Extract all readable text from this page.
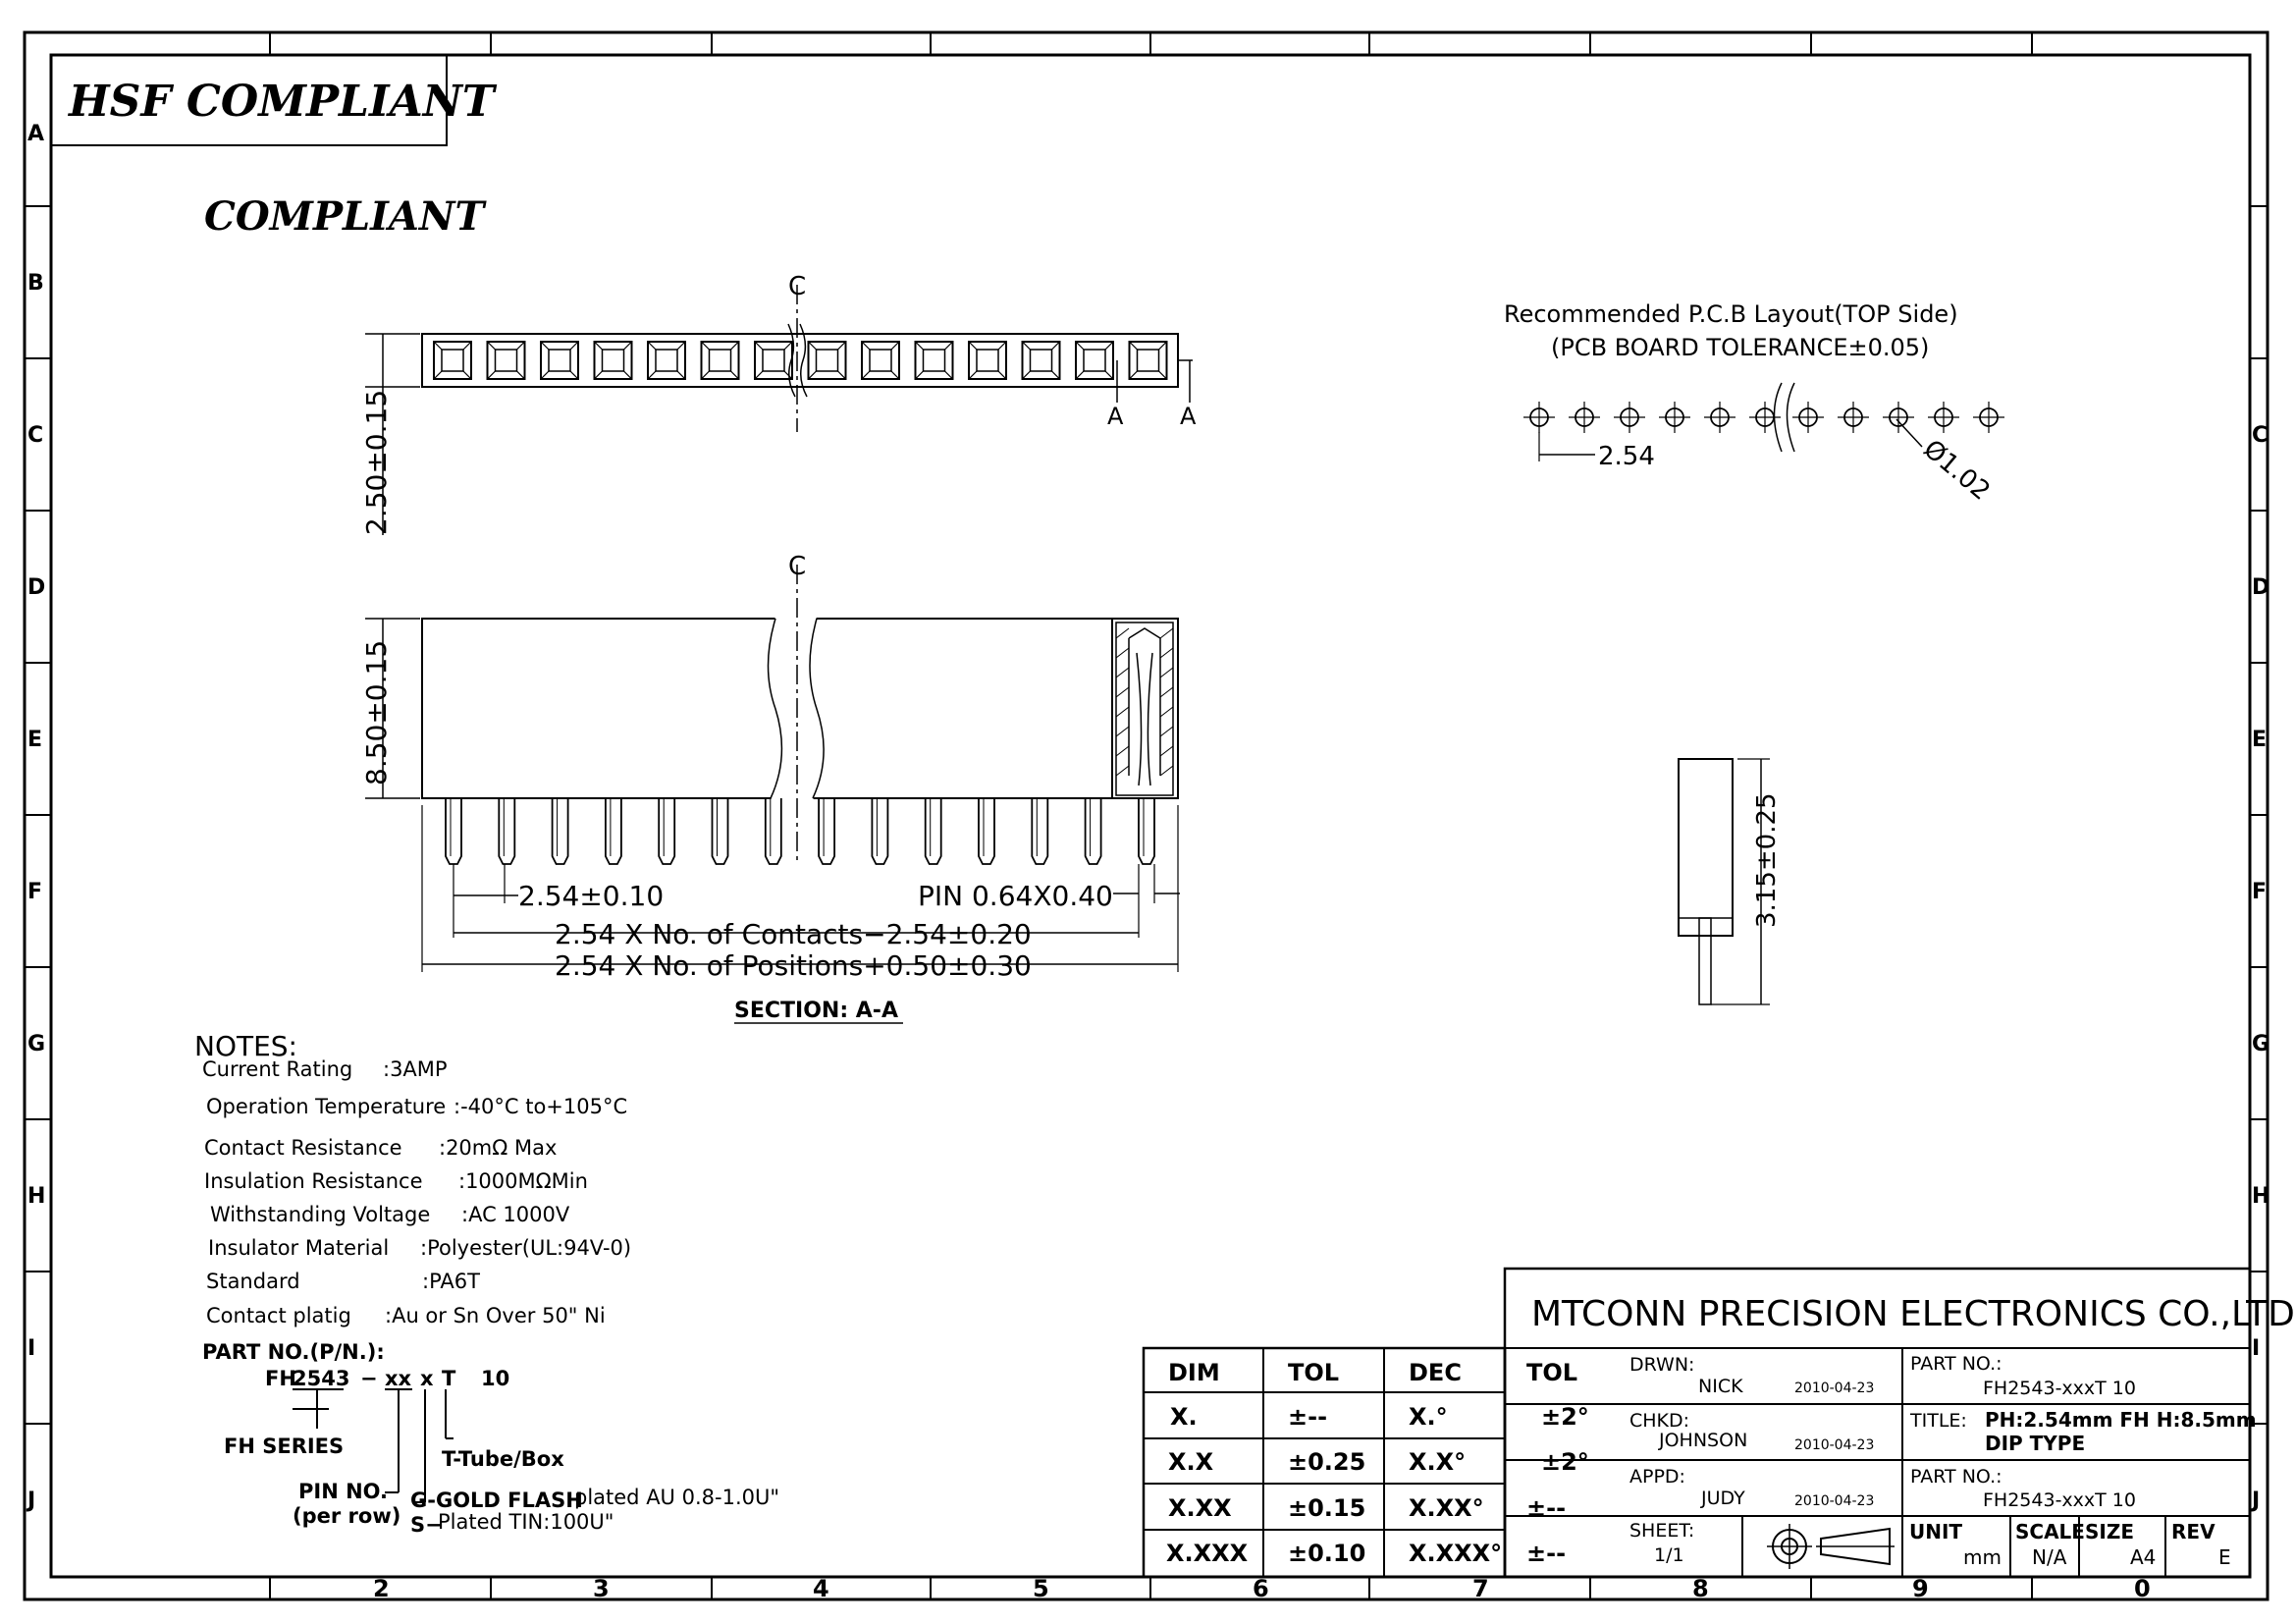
A
B
C
D
E
F
G
H
I
J
C
D
E
F
G
H
I
J
2	3	4	5	6	7	8	9	0
HSF COMPLIANT
COMPLIANT
A A
C
2.50±0.15
C
8.50±0.15
2.54±0.10	PIN 0.64X0.40
2.54 X No. of Contacts−2.54±0.20
2.54 X No. of Positions+0.50±0.30
SECTION: A-A
Recommended P.C.B Layout(TOP Side)
(PCB BOARD TOLERANCE±0.05)
2.54	Ø1.02
3.15±0.25
NOTES:
Current Rating :3AMP
Operation Temperature :-40°C to+105°C
Contact Resistance :20mΩ Max
Insulation Resistance :1000MΩMin
Withstanding Voltage :AC 1000V
Insulator Material :Polyester(UL:94V-0)
Standard	:PA6T
Contact platig :Au or Sn Over 50" Ni
PART NO.(P/N.):
FH
2543 − xx x T 10
FH SERIES
T-Tube/Box
PIN NO.
(per row)
G-GOLD FLASH
plated AU 0.8-1.0U"
S−
Plated TIN:100U"
DIM	TOL	DEC	TOL
X.	±--	X.°	±2°
X.X	±0.25 X.X°	±2°
X.XX ±0.15 X.XX° ±--
X.XXX ±0.10 X.XXX° ±--
MTCONN PRECISION ELECTRONICS CO.,LTD
DRWN:
NICK	2010-04-23
CHKD:
JOHNSON	2010-04-23
APPD:
JUDY	2010-04-23
SHEET:
1/1
PART NO.:
FH2543-xxxT 10
TITLE: PH:2.54mm FH H:8.5mm
DIP TYPE
PART NO.:
FH2543-xxxT 10
UNIT
mm
SCALE
N/A
SIZE
A4
REV
E
